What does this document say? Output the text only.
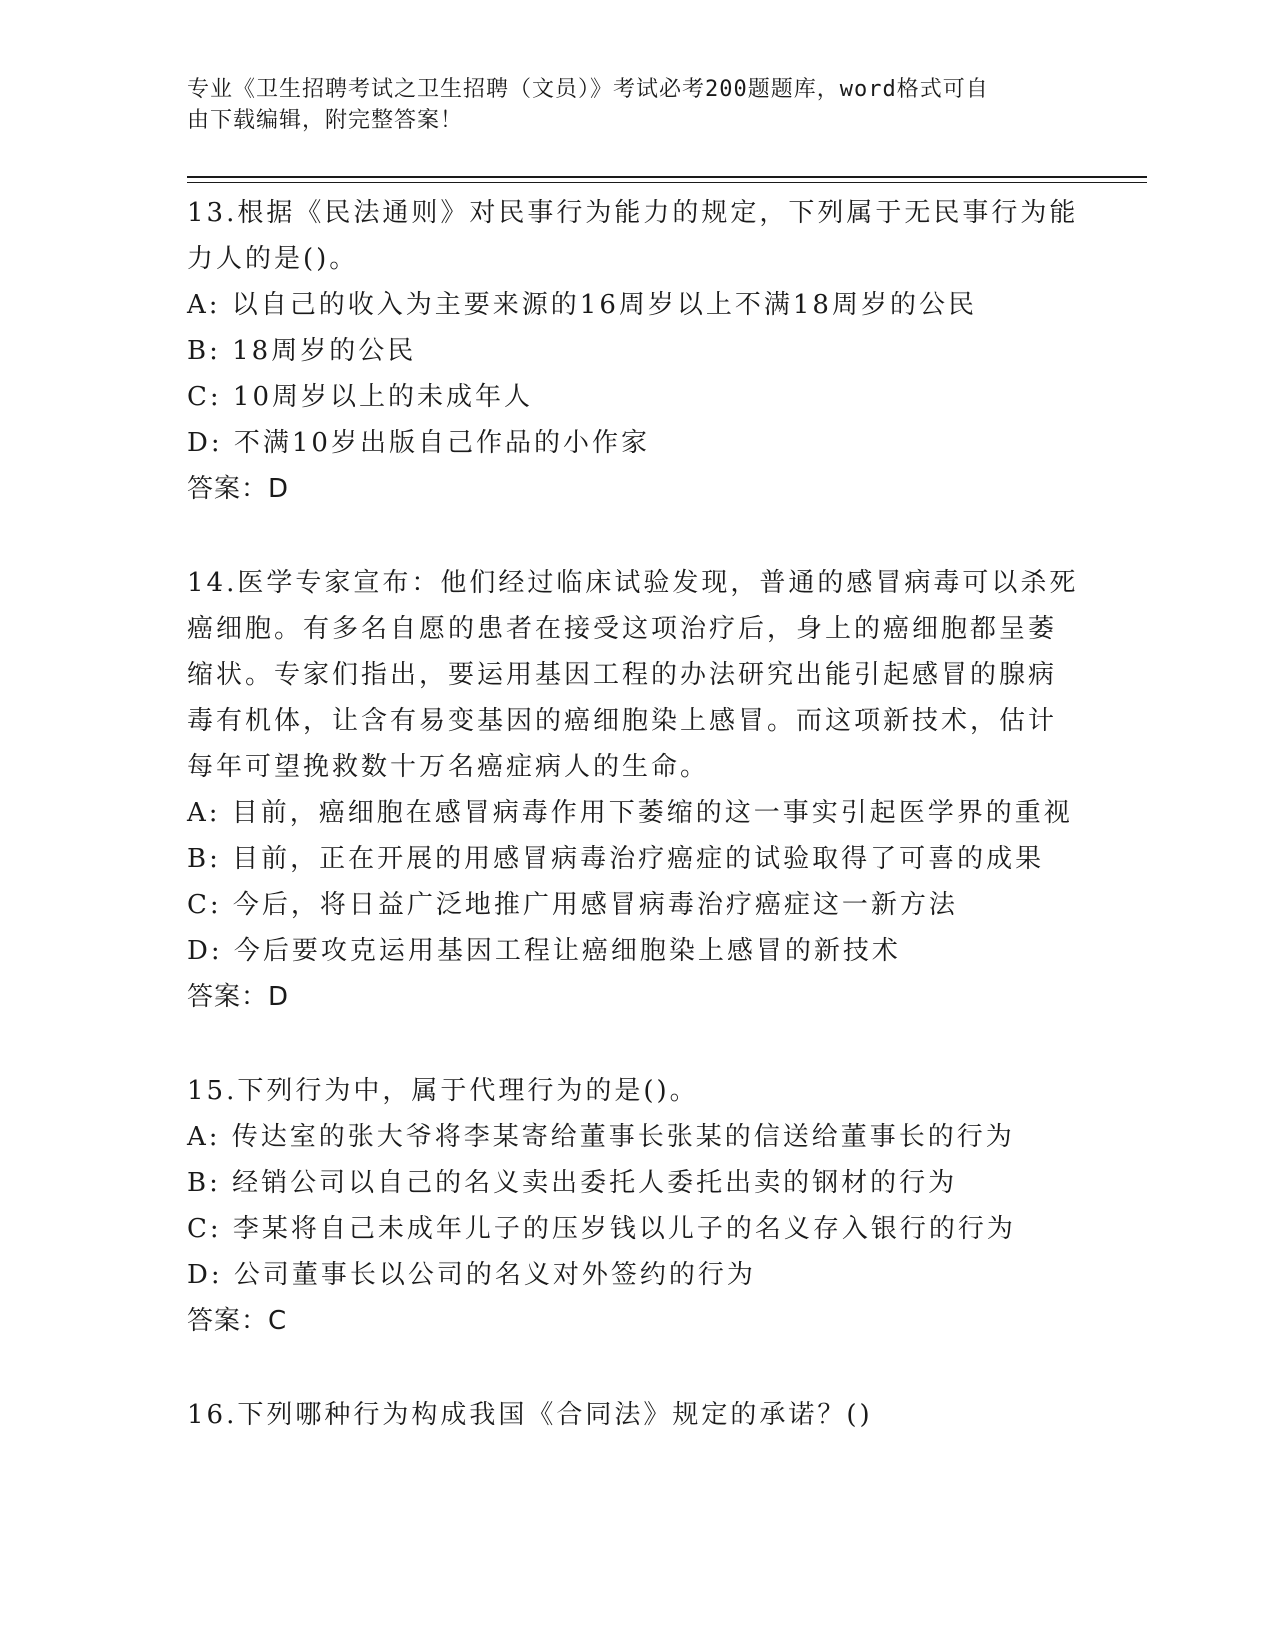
专业《卫生招聘考试之卫生招聘（文员）》考试必考200题题库，word格式可自
由下载编辑，附完整答案！
13.根据《民法通则》对民事行为能力的规定，下列属于无民事行为能
力人的是()。
A: 以自己的收入为主要来源的16周岁以上不满18周岁的公民
B: 18周岁的公民
C: 10周岁以上的未成年人
D: 不满10岁出版自己作品的小作家
答案：D
14.医学专家宣布：他们经过临床试验发现，普通的感冒病毒可以杀死
癌细胞。有多名自愿的患者在接受这项治疗后，身上的癌细胞都呈萎
缩状。专家们指出，要运用基因工程的办法研究出能引起感冒的腺病
毒有机体，让含有易变基因的癌细胞染上感冒。而这项新技术，估计
每年可望挽救数十万名癌症病人的生命。
A: 目前，癌细胞在感冒病毒作用下萎缩的这一事实引起医学界的重视
B: 目前，正在开展的用感冒病毒治疗癌症的试验取得了可喜的成果
C: 今后，将日益广泛地推广用感冒病毒治疗癌症这一新方法
D: 今后要攻克运用基因工程让癌细胞染上感冒的新技术
答案：D
15.下列行为中，属于代理行为的是()。
A: 传达室的张大爷将李某寄给董事长张某的信送给董事长的行为
B: 经销公司以自己的名义卖出委托人委托出卖的钢材的行为
C: 李某将自己未成年儿子的压岁钱以儿子的名义存入银行的行为
D: 公司董事长以公司的名义对外签约的行为
答案：C
16.下列哪种行为构成我国《合同法》规定的承诺？()
